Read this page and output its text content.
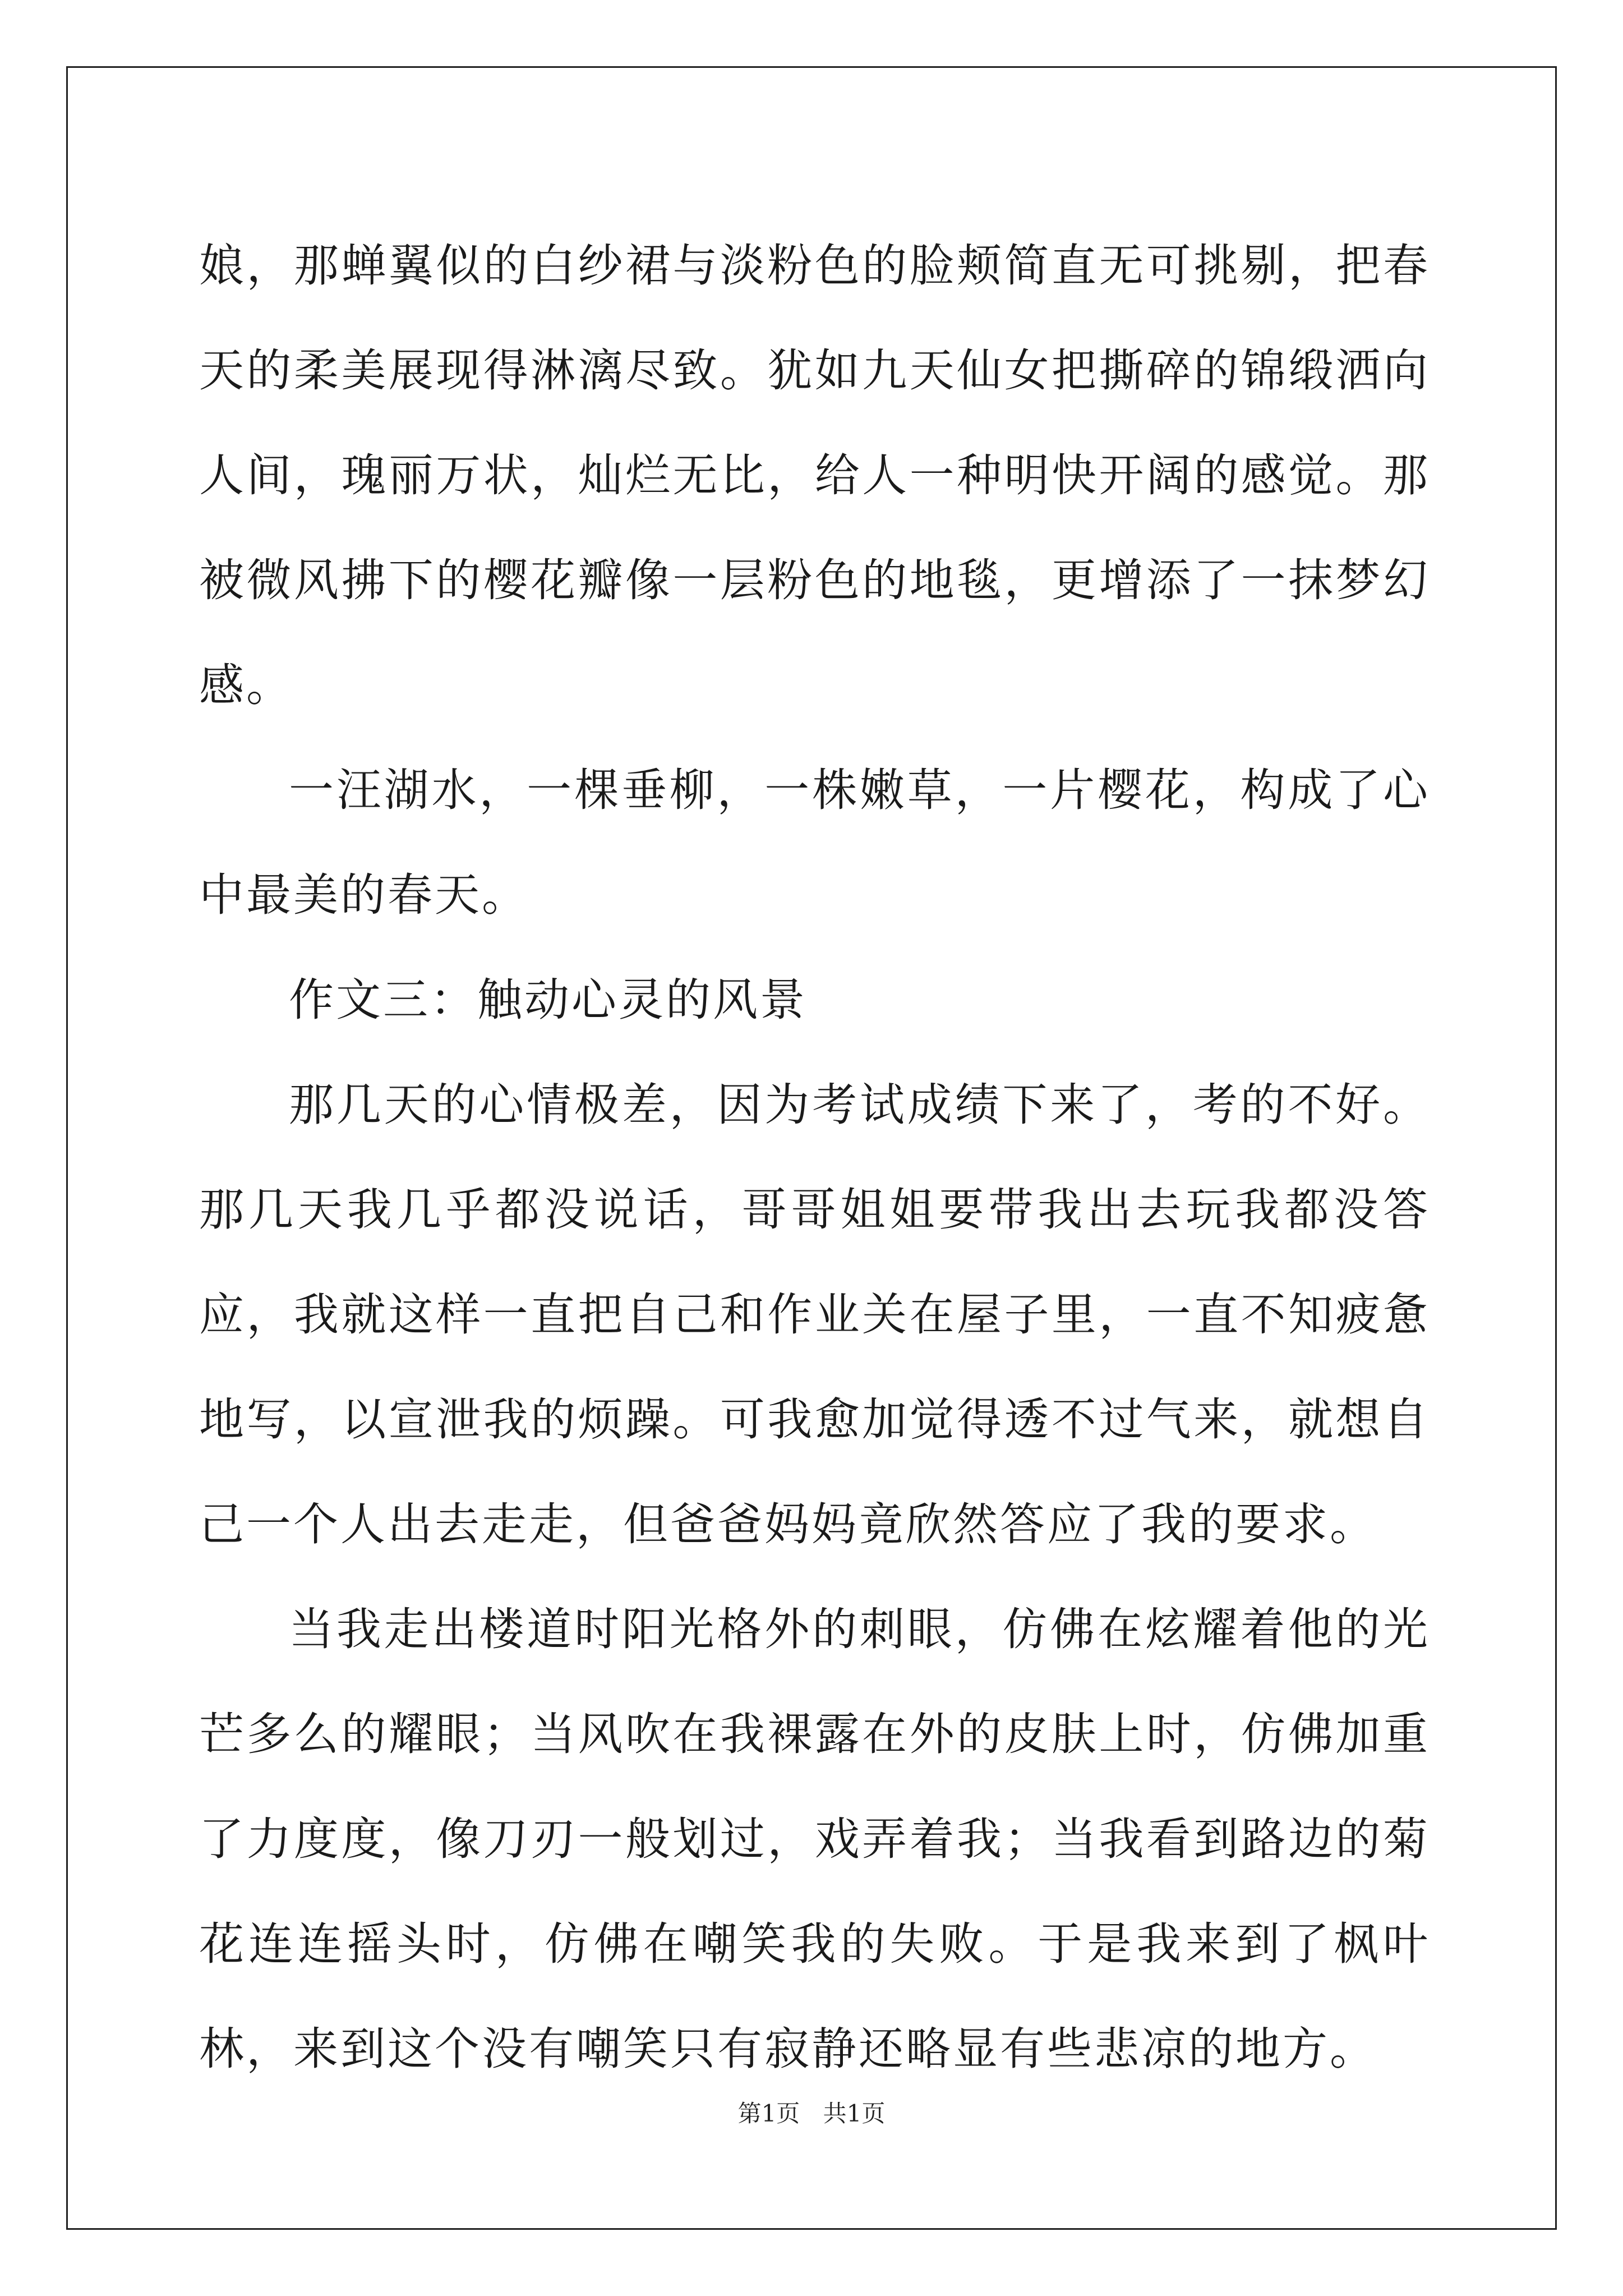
娘，那蝉翼似的白纱裙与淡粉色的脸颊简直无可挑剔，把春天的柔美展现得淋漓尽致。犹如九天仙女把撕碎的锦缎洒向人间，瑰丽万状，灿烂无比，给人一种明快开阔的感觉。那被微风拂下的樱花瓣像一层粉色的地毯，更增添了一抹梦幻感。

一汪湖水，一棵垂柳，一株嫩草，一片樱花，构成了心中最美的春天。

作文三：触动心灵的风景

那几天的心情极差，因为考试成绩下来了，考的不好。那几天我几乎都没说话，哥哥姐姐要带我出去玩我都没答应，我就这样一直把自己和作业关在屋子里，一直不知疲惫地写，以宣泄我的烦躁。可我愈加觉得透不过气来，就想自己一个人出去走走，但爸爸妈妈竟欣然答应了我的要求。

当我走出楼道时阳光格外的刺眼，仿佛在炫耀着他的光芒多么的耀眼；当风吹在我裸露在外的皮肤上时，仿佛加重了力度度，像刀刃一般划过，戏弄着我；当我看到路边的菊花连连摇头时，仿佛在嘲笑我的失败。于是我来到了枫叶林，来到这个没有嘲笑只有寂静还略显有些悲凉的地方。

第1页 共1页
